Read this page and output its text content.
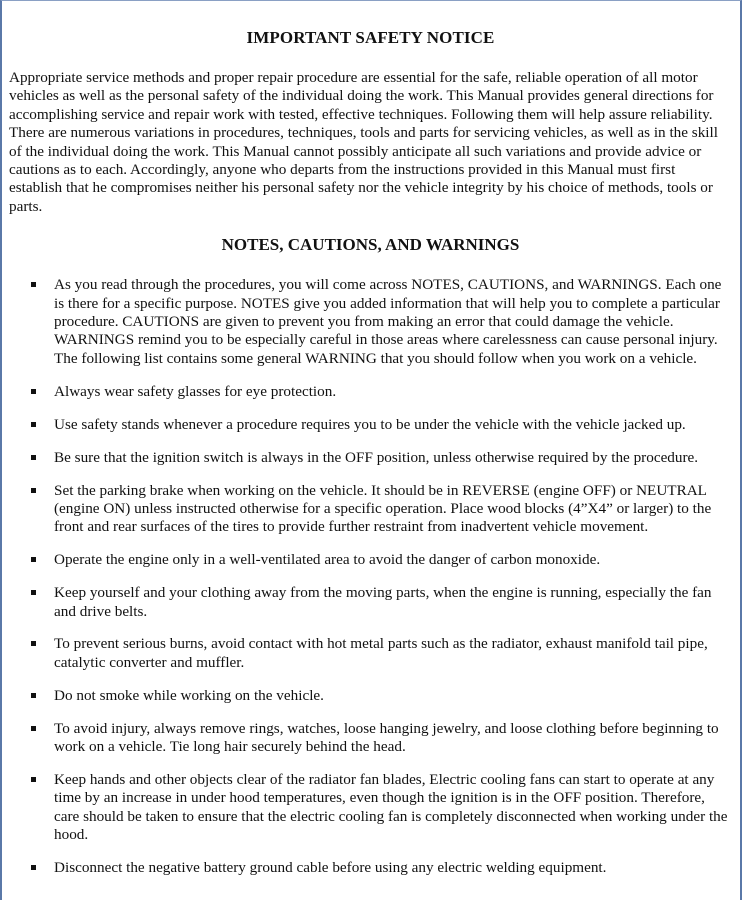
IMPORTANT SAFETY NOTICE

Appropriate service methods and proper repair procedure are essential for the safe, reliable operation of all motor vehicles as well as the personal safety of the individual doing the work. This Manual provides general directions for accomplishing service and repair work with tested, effective techniques. Following them will help assure reliability. There are numerous variations in procedures, techniques, tools and parts for servicing vehicles, as well as in the skill of the individual doing the work. This Manual cannot possibly anticipate all such variations and provide advice or cautions as to each. Accordingly, anyone who departs from the instructions provided in this Manual must first establish that he compromises neither his personal safety nor the vehicle integrity by his choice of methods, tools or parts.

NOTES, CAUTIONS, AND WARNINGS
As you read through the procedures, you will come across NOTES, CAUTIONS, and WARNINGS. Each one is there for a specific purpose. NOTES give you added information that will help you to complete a particular procedure. CAUTIONS are given to prevent you from making an error that could damage the vehicle. WARNINGS remind you to be especially careful in those areas where carelessness can cause personal injury. The following list contains some general WARNING that you should follow when you work on a vehicle.
Always wear safety glasses for eye protection.
Use safety stands whenever a procedure requires you to be under the vehicle with the vehicle jacked up.
Be sure that the ignition switch is always in the OFF position, unless otherwise required by the procedure.
Set the parking brake when working on the vehicle. It should be in REVERSE (engine OFF) or NEUTRAL (engine ON) unless instructed otherwise for a specific operation. Place wood blocks (4”X4” or larger) to the front and rear surfaces of the tires to provide further restraint from inadvertent vehicle movement.
Operate the engine only in a well-ventilated area to avoid the danger of carbon monoxide.
Keep yourself and your clothing away from the moving parts, when the engine is running, especially the fan and drive belts.
To prevent serious burns, avoid contact with hot metal parts such as the radiator, exhaust manifold tail pipe, catalytic converter and muffler.
Do not smoke while working on the vehicle.
To avoid injury, always remove rings, watches, loose hanging jewelry, and loose clothing before beginning to work on a vehicle. Tie long hair securely behind the head.
Keep hands and other objects clear of the radiator fan blades, Electric cooling fans can start to operate at any time by an increase in under hood temperatures, even though the ignition is in the OFF position. Therefore, care should be taken to ensure that the electric cooling fan is completely disconnected when working under the hood.
Disconnect the negative battery ground cable before using any electric welding equipment.
